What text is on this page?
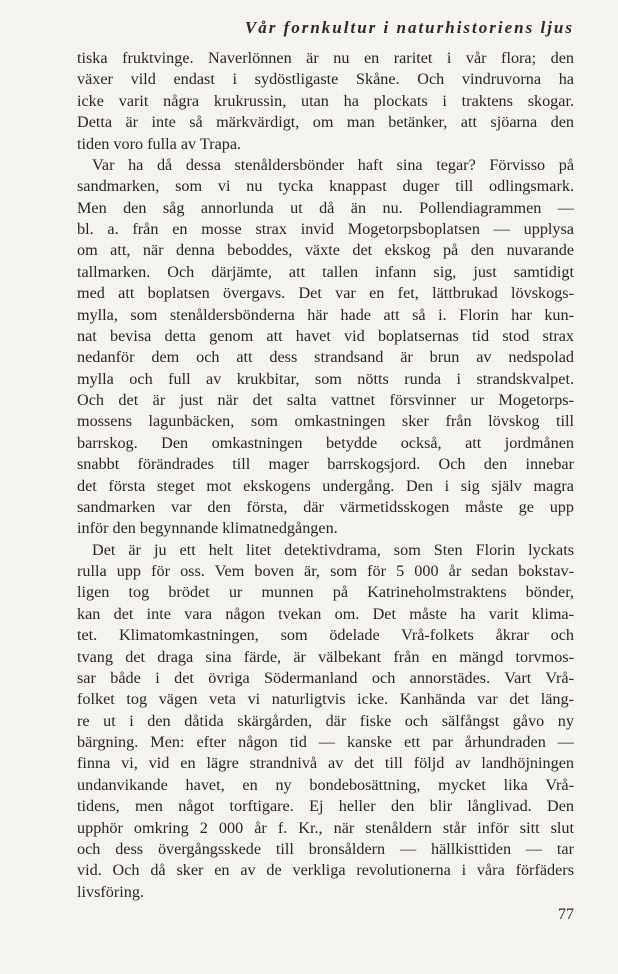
Vår fornkultur i naturhistoriens ljus
tiska fruktvinge. Naverlönnen är nu en raritet i vår flora; den
växer vild endast i sydöstligaste Skåne. Och vindruvorna ha
icke varit några krukrussin, utan ha plockats i traktens skogar.
Detta är inte så märkvärdigt, om man betänker, att sjöarna den
tiden voro fulla av Trapa.
Var ha då dessa stenåldersbönder haft sina tegar? Förvisso på
sandmarken, som vi nu tycka knappast duger till odlingsmark.
Men den såg annorlunda ut då än nu. Pollendiagrammen —
bl. a. från en mosse strax invid Mogetorpsboplatsen — upplysa
om att, när denna beboddes, växte det ekskog på den nuvarande
tallmarken. Och därjämte, att tallen infann sig, just samtidigt
med att boplatsen övergavs. Det var en fet, lättbrukad lövskogs-
mylla, som stenåldersbönderna här hade att så i. Florin har kun-
nat bevisa detta genom att havet vid boplatsernas tid stod strax
nedanför dem och att dess strandsand är brun av nedspolad
mylla och full av krukbitar, som nötts runda i strandskvalpet.
Och det är just när det salta vattnet försvinner ur Mogetorps-
mossens lagunbäcken, som omkastningen sker från lövskog till
barrskog. Den omkastningen betydde också, att jordmånen
snabbt förändrades till mager barrskogsjord. Och den innebar
det första steget mot ekskogens undergång. Den i sig själv magra
sandmarken var den första, där värmetidsskogen måste ge upp
inför den begynnande klimatnedgången.
Det är ju ett helt litet detektivdrama, som Sten Florin lyckats
rulla upp för oss. Vem boven är, som för 5 000 år sedan bokstav-
ligen tog brödet ur munnen på Katrineholmstraktens bönder,
kan det inte vara någon tvekan om. Det måste ha varit klima-
tet. Klimatomkastningen, som ödelade Vrå-folkets åkrar och
tvang det draga sina färde, är välbekant från en mängd torvmos-
sar både i det övriga Södermanland och annorstädes. Vart Vrå-
folket tog vägen veta vi naturligtvis icke. Kanhända var det läng-
re ut i den dåtida skärgården, där fiske och sälfångst gåvo ny
bärgning. Men: efter någon tid — kanske ett par århundraden —
finna vi, vid en lägre strandnivå av det till följd av landhöjningen
undanvikande havet, en ny bondebosättning, mycket lika Vrå-
tidens, men något torftigare. Ej heller den blir långlivad. Den
upphör omkring 2 000 år f. Kr., när stenåldern står inför sitt slut
och dess övergångsskede till bronsåldern — hällkisttiden — tar
vid. Och då sker en av de verkliga revolutionerna i våra förfäders
livsföring.
77
